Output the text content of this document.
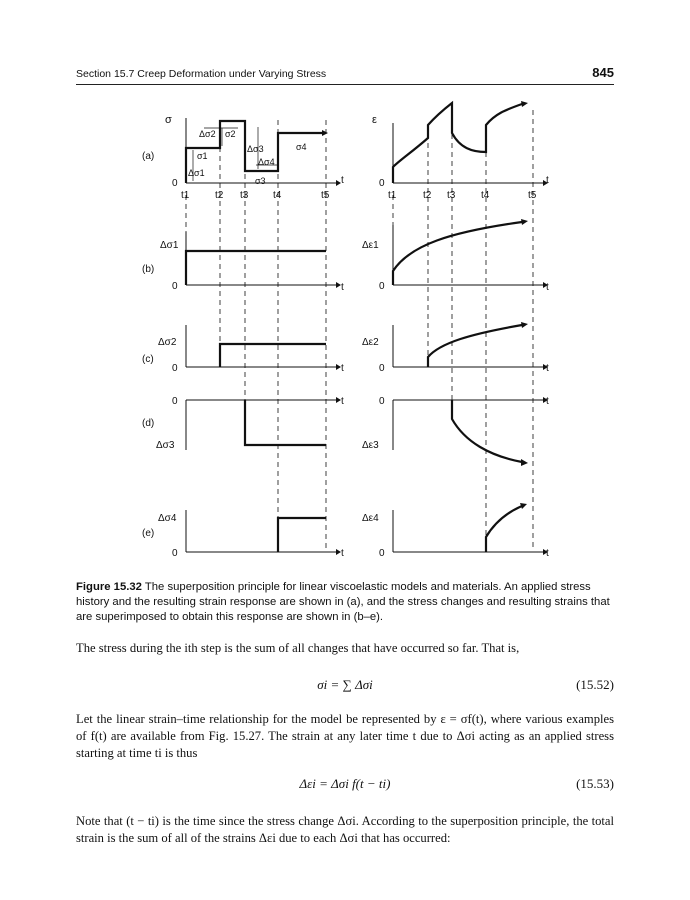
Section 15.7 Creep Deformation under Varying Stress	845
(a)
(b)
(c)
(d)
(e)
σ	ε
Δσ1	Δε1
Δσ2	Δε2
Δσ3	Δε3
Δσ4	Δε4
0	0
0	0
0	0
0	0
0	0
t	t
t	t
t	t
t	t
t	t
t1	t2 t3 t4	t5	t1	t2 t3	t4	t5
σ1
σ2
σ3
σ4
Δσ1
Δσ2
Δσ3
Δσ4
Figure 15.32 The superposition principle for linear viscoelastic models and materials. An applied stress history and the resulting strain response are shown in (a), and the stress changes and resulting strains that are superimposed to obtain this response are shown in (b–e).
The stress during the ith step is the sum of all changes that have occurred so far. That is,
σi = ∑ Δσi	(15.52)
Let the linear strain–time relationship for the model be represented by ε = σf(t), where various examples of f(t) are available from Fig. 15.27. The strain at any later time t due to Δσi acting as an applied stress starting at time ti is thus
Δεi = Δσi f(t − ti)	(15.53)
Note that (t − ti) is the time since the stress change Δσi. According to the superposition principle, the total strain is the sum of all of the strains Δεi due to each Δσi that has occurred:
